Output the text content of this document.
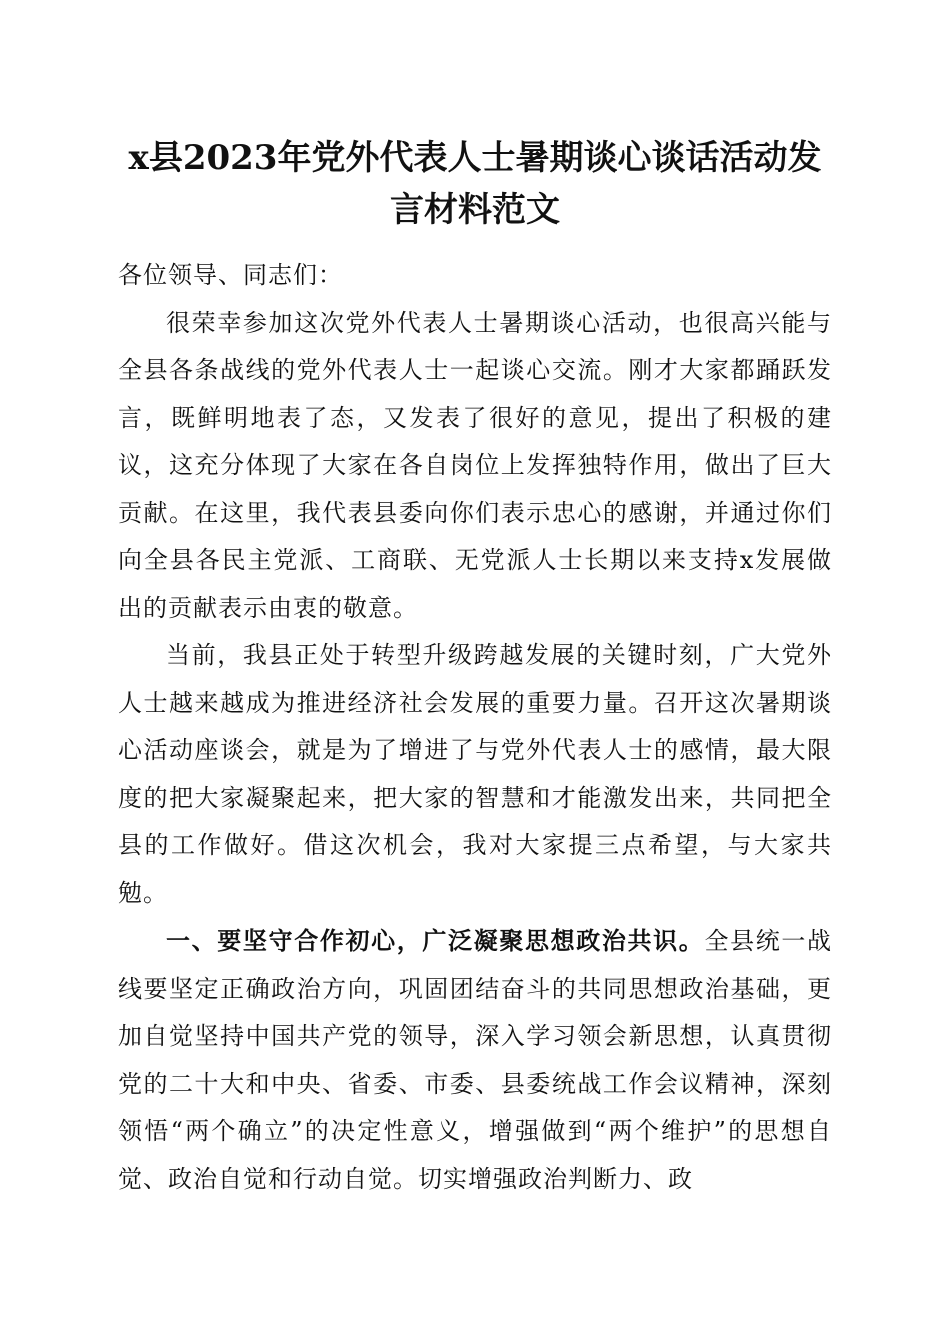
x县2023年党外代表人士暑期谈心谈话活动发
言材料范文

各位领导、同志们：

很荣幸参加这次党外代表人士暑期谈心活动，也很高兴能与全县各条战线的党外代表人士一起谈心交流。刚才大家都踊跃发言，既鲜明地表了态，又发表了很好的意见，提出了积极的建议，这充分体现了大家在各自岗位上发挥独特作用，做出了巨大贡献。在这里，我代表县委向你们表示忠心的感谢，并通过你们向全县各民主党派、工商联、无党派人士长期以来支持x发展做出的贡献表示由衷的敬意。

当前，我县正处于转型升级跨越发展的关键时刻，广大党外人士越来越成为推进经济社会发展的重要力量。召开这次暑期谈心活动座谈会，就是为了增进了与党外代表人士的感情，最大限度的把大家凝聚起来，把大家的智慧和才能激发出来，共同把全县的工作做好。借这次机会，我对大家提三点希望，与大家共勉。

一、要坚守合作初心，广泛凝聚思想政治共识。全县统一战线要坚定正确政治方向，巩固团结奋斗的共同思想政治基础，更加自觉坚持中国共产党的领导，深入学习领会新思想，认真贯彻党的二十大和中央、省委、市委、县委统战工作会议精神，深刻领悟“两个确立”的决定性意义，增强做到“两个维护”的思想自觉、政治自觉和行动自觉。切实增强政治判断力、政
